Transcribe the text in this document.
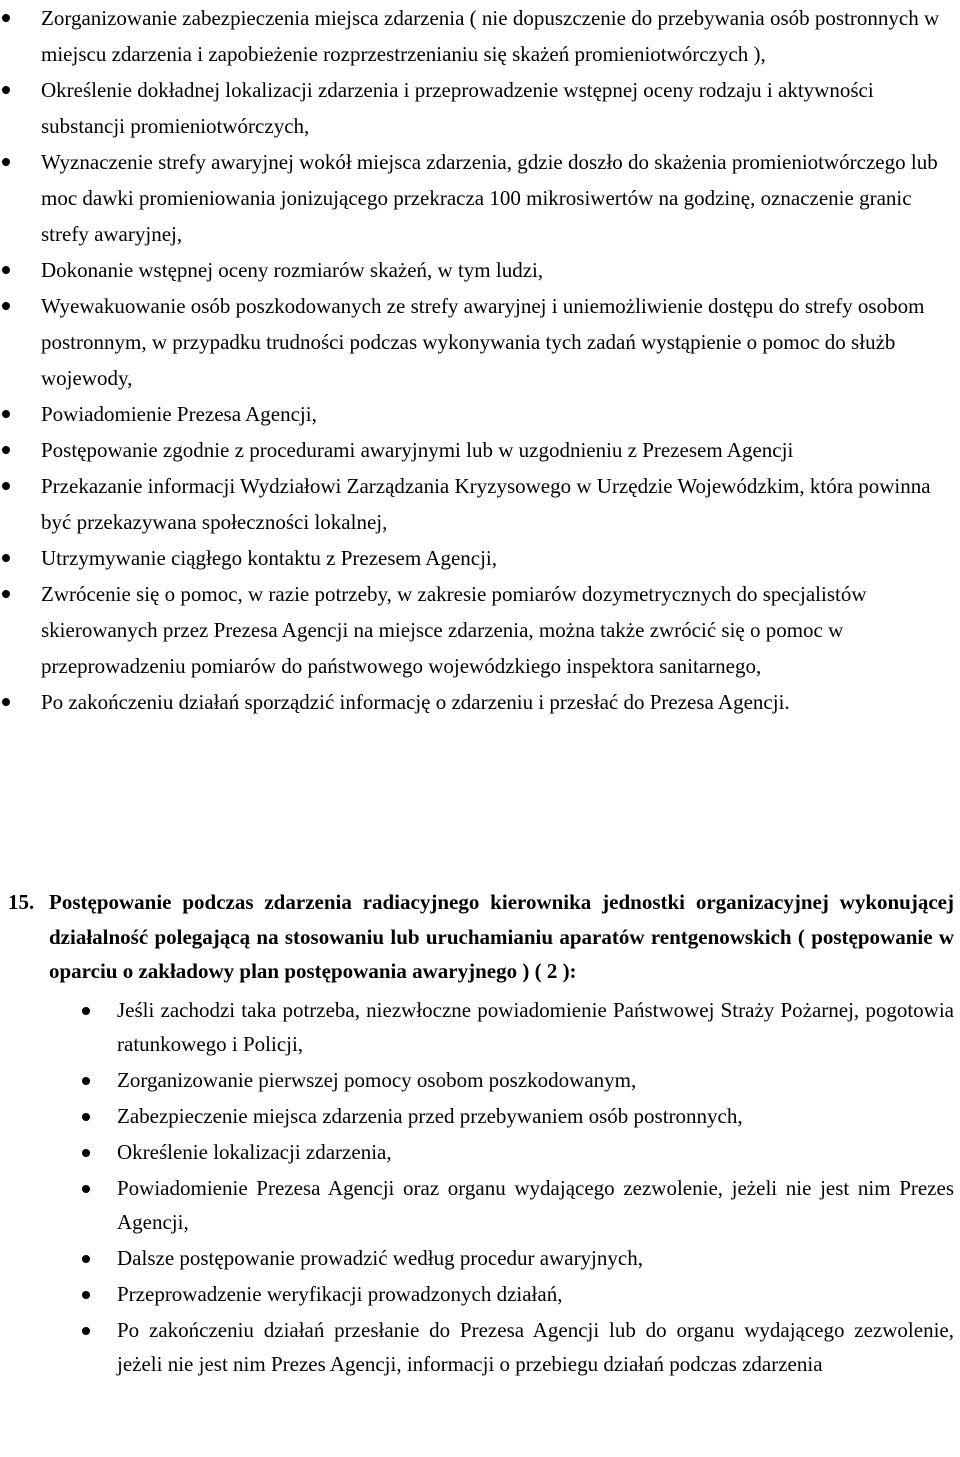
Zorganizowanie zabezpieczenia miejsca zdarzenia ( nie dopuszczenie do przebywania osób postronnych w miejscu zdarzenia i zapobieżenie rozprzestrzenianiu się skażeń promieniotwórczych ),
Określenie dokładnej lokalizacji zdarzenia i przeprowadzenie wstępnej oceny rodzaju i aktywności substancji promieniotwórczych,
Wyznaczenie strefy awaryjnej wokół miejsca zdarzenia, gdzie doszło do skażenia promieniotwórczego lub moc dawki promieniowania jonizującego przekracza 100 mikrosiwertów na godzinę, oznaczenie granic strefy awaryjnej,
Dokonanie wstępnej oceny rozmiarów skażeń, w tym ludzi,
Wyewakuowanie osób poszkodowanych ze strefy awaryjnej i uniemożliwienie dostępu do strefy osobom postronnym, w przypadku trudności podczas wykonywania tych zadań wystąpienie o pomoc do służb wojewody,
Powiadomienie Prezesa Agencji,
Postępowanie zgodnie z procedurami awaryjnymi lub w uzgodnieniu z Prezesem Agencji
Przekazanie informacji Wydziałowi Zarządzania Kryzysowego w Urzędzie Wojewódzkim, która powinna być przekazywana społeczności lokalnej,
Utrzymywanie ciągłego kontaktu z Prezesem Agencji,
Zwrócenie się o pomoc, w razie potrzeby, w zakresie pomiarów dozymetrycznych do specjalistów skierowanych przez Prezesa Agencji na miejsce zdarzenia, można także zwrócić się o pomoc w przeprowadzeniu pomiarów do państwowego wojewódzkiego inspektora sanitarnego,
Po zakończeniu działań sporządzić informację o zdarzeniu i przesłać do Prezesa Agencji.
15. Postępowanie podczas zdarzenia radiacyjnego kierownika jednostki organizacyjnej wykonującej działalność polegającą na stosowaniu lub uruchamianiu aparatów rentgenowskich ( postępowanie w oparciu o zakładowy plan postępowania awaryjnego ) ( 2 ):
Jeśli zachodzi taka potrzeba, niezwłoczne powiadomienie Państwowej Straży Pożarnej, pogotowia ratunkowego i Policji,
Zorganizowanie pierwszej pomocy osobom poszkodowanym,
Zabezpieczenie miejsca zdarzenia przed przebywaniem osób postronnych,
Określenie lokalizacji zdarzenia,
Powiadomienie Prezesa Agencji oraz organu wydającego zezwolenie, jeżeli nie jest nim Prezes Agencji,
Dalsze postępowanie prowadzić według procedur awaryjnych,
Przeprowadzenie weryfikacji prowadzonych działań,
Po zakończeniu działań przesłanie do Prezesa Agencji lub do organu wydającego zezwolenie, jeżeli nie jest nim Prezes Agencji, informacji o przebiegu działań podczas zdarzenia
